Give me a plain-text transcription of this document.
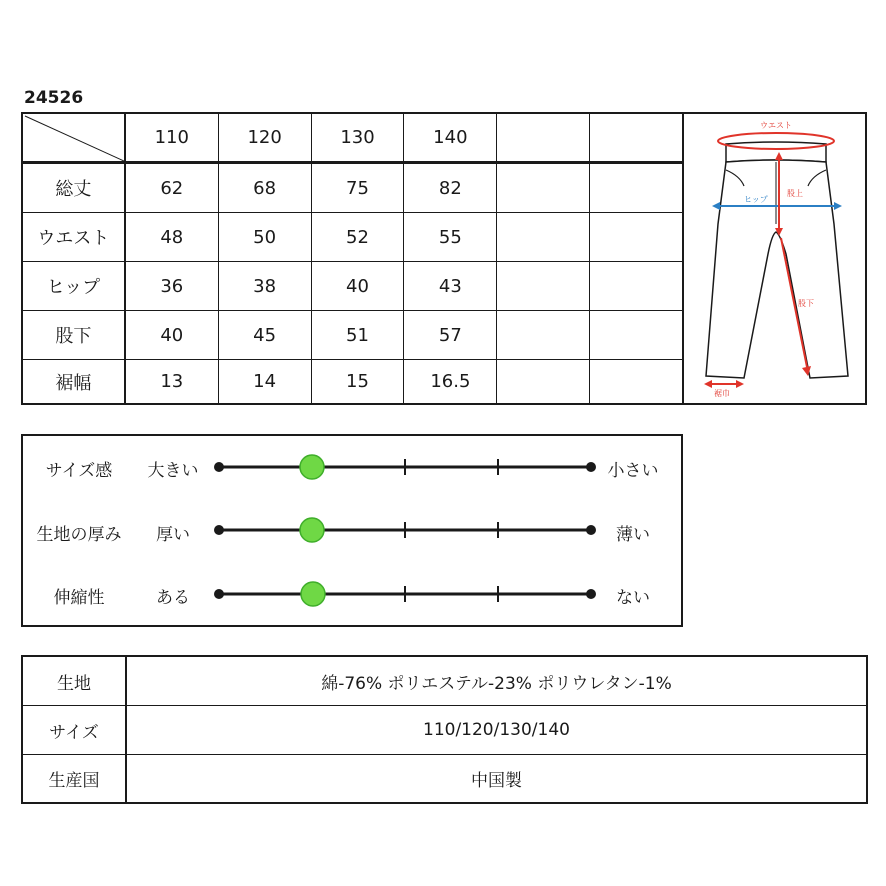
24526
110	120	130	140
総丈	62	68	75	82
ウエスト	48	50	52	55
ヒップ	36	38	40	43
股下	40	45	51	57
裾幅	13	14	15	16.5
ウエスト
ヒップ
股上
股下
裾巾
サイズ感	大きい	小さい
生地の厚み	厚い	薄い
伸縮性	ある	ない
生地	綿-76% ポリエステル-23% ポリウレタン-1%
サイズ	110/120/130/140
生産国	中国製
